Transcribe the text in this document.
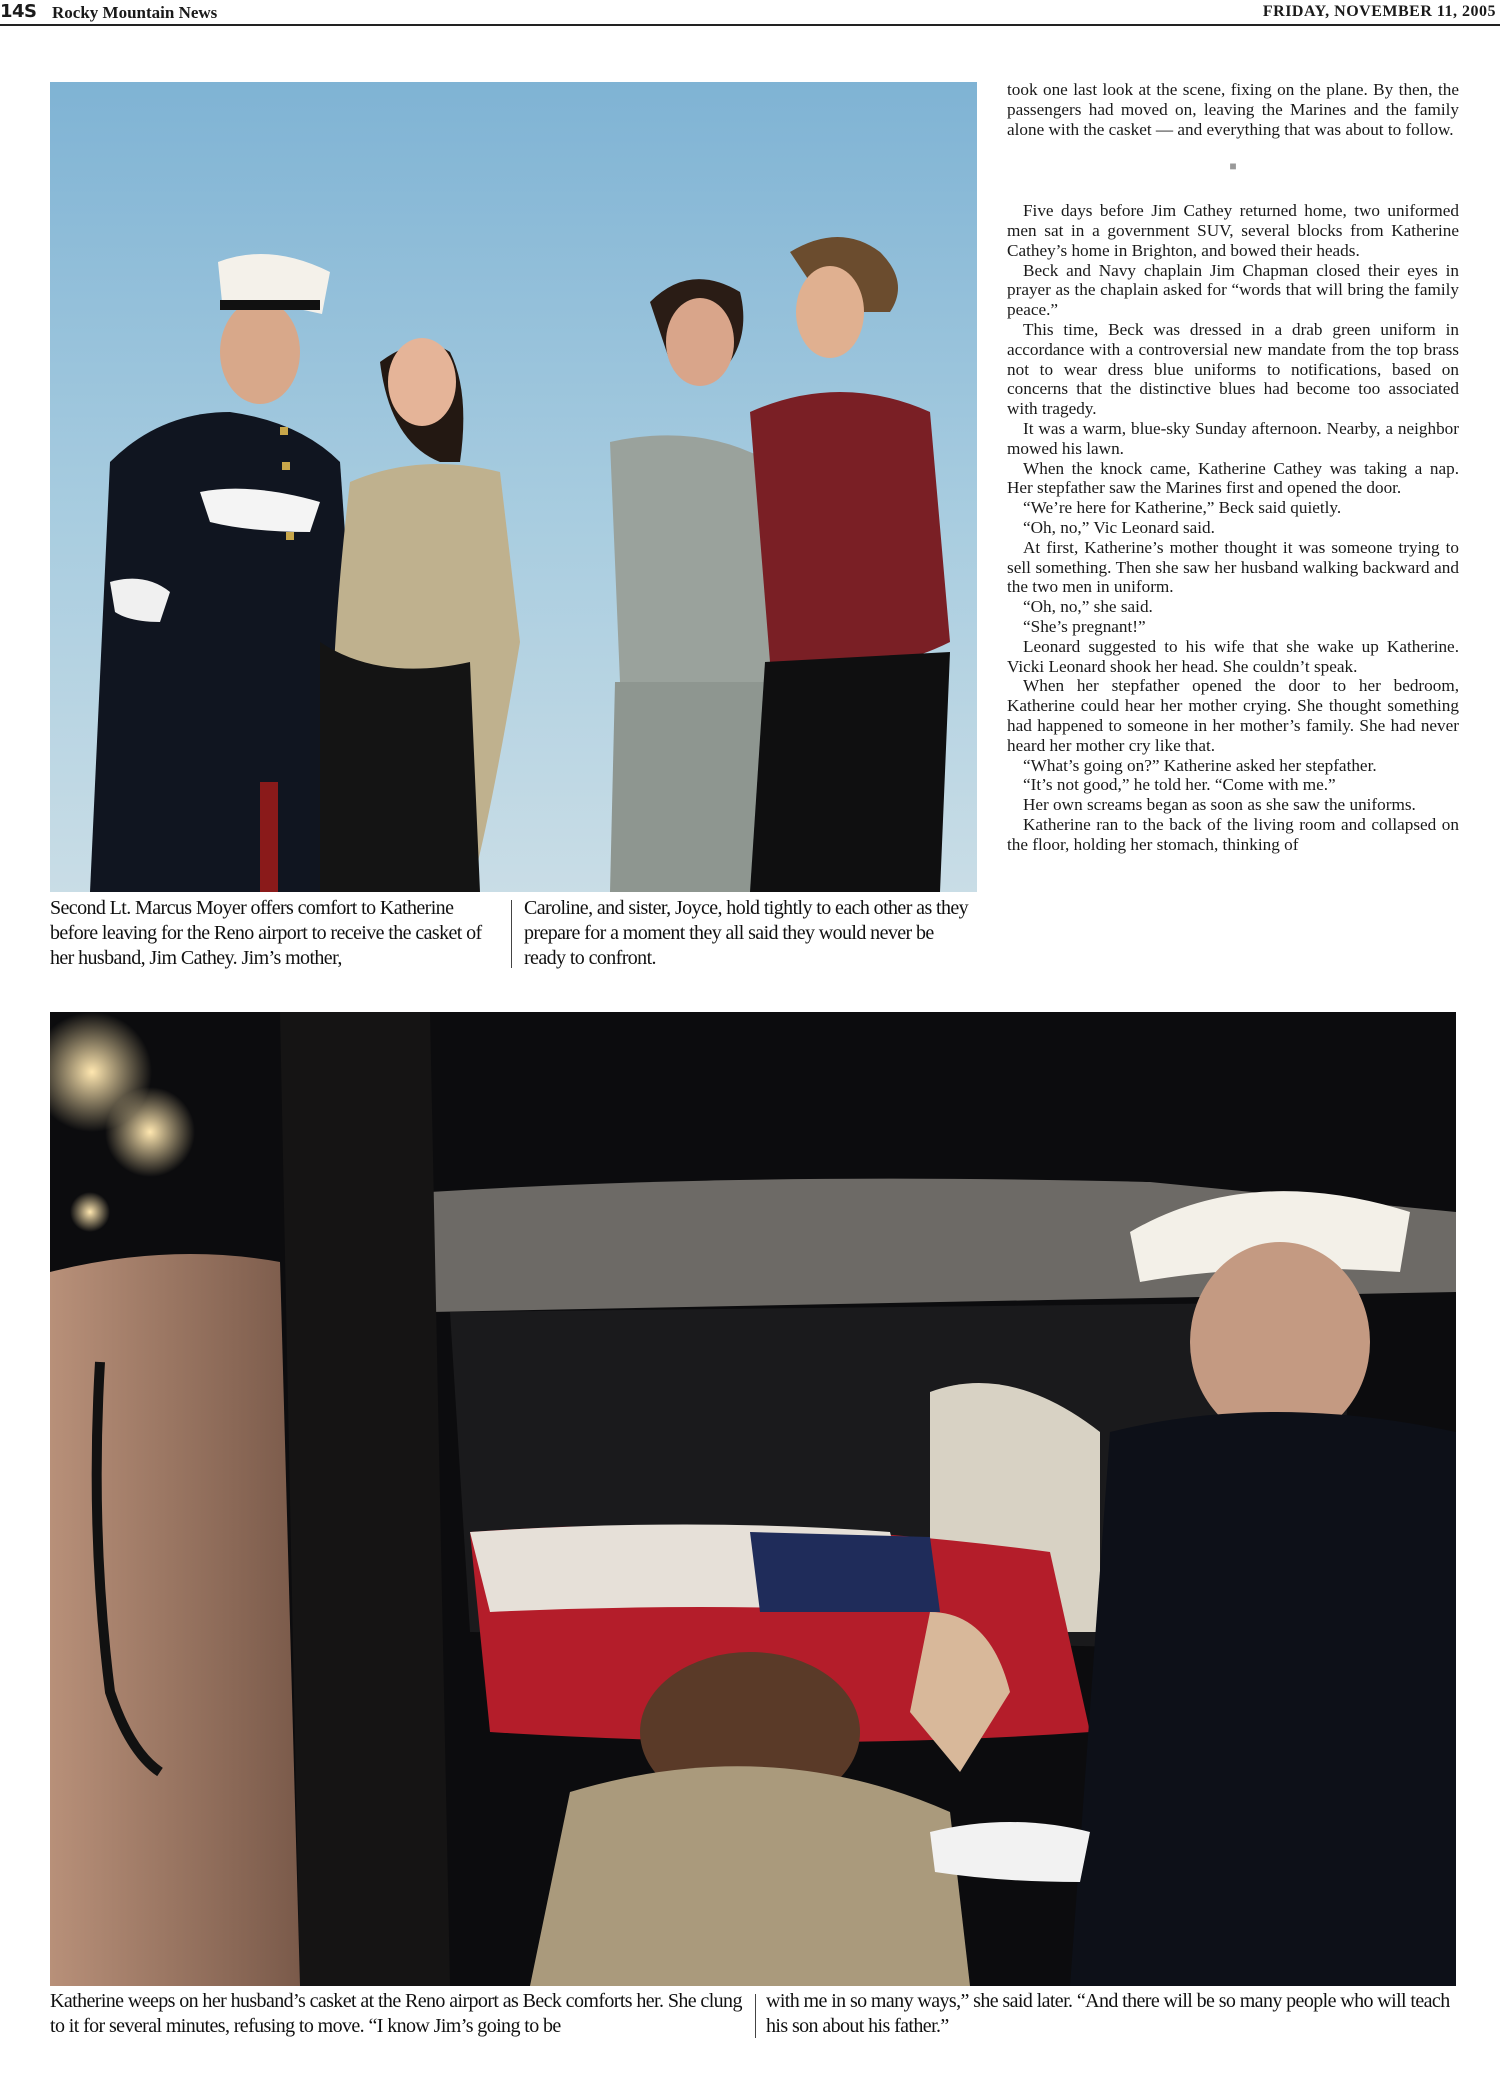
14S Rocky Mountain News	FRIDAY, NOVEMBER 11, 2005
Second Lt. Marcus Moyer offers comfort to Katherine before leaving for the Reno airport to receive the casket of her husband, Jim Cathey. Jim’s mother,
Caroline, and sister, Joyce, hold tightly to each other as they prepare for a moment they all said they would never be ready to confront.

took one last look at the scene, fixing on the plane. By then, the passengers had moved on, leaving the Marines and the family alone with the casket — and everything that was about to follow.

■

Five days before Jim Cathey returned home, two uniformed men sat in a government SUV, several blocks from Katherine Cathey’s home in Brighton, and bowed their heads.

Beck and Navy chaplain Jim Chapman closed their eyes in prayer as the chaplain asked for “words that will bring the family peace.”

This time, Beck was dressed in a drab green uniform in accordance with a controversial new mandate from the top brass not to wear dress blue uniforms to notifications, based on concerns that the distinctive blues had become too associated with tragedy.

It was a warm, blue-sky Sunday afternoon. Nearby, a neighbor mowed his lawn.

When the knock came, Katherine Cathey was taking a nap. Her stepfather saw the Marines first and opened the door.

“We’re here for Katherine,” Beck said quietly.

“Oh, no,” Vic Leonard said.

At first, Katherine’s mother thought it was someone trying to sell something. Then she saw her husband walking backward and the two men in uniform.

“Oh, no,” she said.

“She’s pregnant!”

Leonard suggested to his wife that she wake up Katherine. Vicki Leonard shook her head. She couldn’t speak.

When her stepfather opened the door to her bedroom, Katherine could hear her mother crying. She thought something had happened to someone in her mother’s family. She had never heard her mother cry like that.

“What’s going on?” Katherine asked her stepfather.

“It’s not good,” he told her. “Come with me.”

Her own screams began as soon as she saw the uniforms.

Katherine ran to the back of the living room and collapsed on the floor, holding her stomach, thinking of

Katherine weeps on her husband’s casket at the Reno airport as Beck comforts her. She clung to it for several minutes, refusing to move. “I know Jim’s going to be
with me in so many ways,” she said later. “And there will be so many people who will teach his son about his father.”
